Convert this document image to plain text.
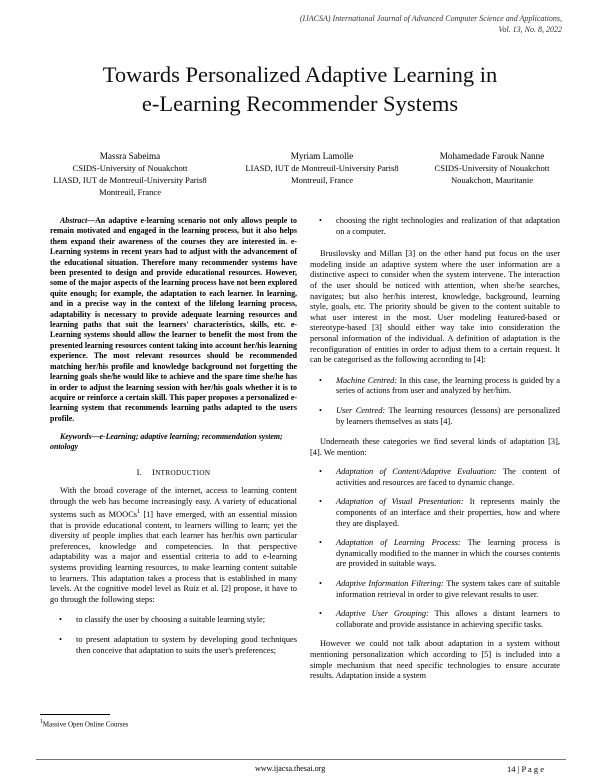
(IJACSA) International Journal of Advanced Computer Science and Applications,
Vol. 13, No. 8, 2022
Towards Personalized Adaptive Learning in
e-Learning Recommender Systems
Massra Sabeima
CSIDS-University of Nouakchott
LIASD, IUT de Montreuil-University Paris8
Montreuil, France
Myriam Lamolle
LIASD, IUT de Montreuil-University Paris8
Montreuil, France
Mohamedade Farouk Nanne
CSIDS-University of Nouakchott
Nouakchott, Mauritanie

Abstract—An adaptive e-learning scenario not only allows people to remain motivated and engaged in the learning process, but it also helps them expand their awareness of the courses they are interested in. e-Learning systems in recent years had to adjust with the advancement of the educational situation. Therefore many recommender systems have been presented to design and provide educational resources. However, some of the major aspects of the learning process have not been explored quite enough; for example, the adaptation to each learner. In learning, and in a precise way in the context of the lifelong learning process, adaptability is necessary to provide adequate learning resources and learning paths that suit the learners' characteristics, skills, etc. e-Learning systems should allow the learner to benefit the most from the presented learning resources content taking into account her/his learning experience. The most relevant resources should be recommended matching her/his profile and knowledge background not forgetting the learning goals she/he would like to achieve and the spare time she/he has in order to adjust the learning session with her/his goals whether it is to acquire or reinforce a certain skill. This paper proposes a personalized e-learning system that recommends learning paths adapted to the users profile.

Keywords—e-Learning; adaptive learning; recommendation system; ontology

I. INTRODUCTION

With the broad coverage of the internet, access to learning content through the web has become increasingly easy. A variety of educational systems such as MOOCs$^1$ [1] have emerged, with an essential mission that is provide educational content, to learners willing to learn; yet the diversity of people implies that each learner has her/his own particular preferences, knowledge and competencies. In that perspective adaptability was a major and essential criteria to add to e-learning systems providing learning resources, to make learning content suitable to learners. This adaptation takes a process that is established in many levels. At the cognitive model level as Ruiz et al. [2] propose, it have to go through the following steps:

• to classify the user by choosing a suitable learning style;
• to present adaptation to system by developing good techniques then conceive that adaptation to suits the user's preferences;
$^1$Massive Open Online Courses
• choosing the right technologies and realization of that adaptation on a computer.

Brusilovsky and Millan [3] on the other hand put focus on the user modeling inside an adaptive system where the user information are a distinctive aspect to consider when the system intervene. The interaction of the user should be noticed with attention, when she/he searches, navigates; but also her/his interest, knowledge, background, learning style, goals, etc. The priority should be given to the content suitable to what user interest in the most. User modeling featured-based or stereotype-based [3] should either way take into consideration the personal information of the individual. A definition of adaptation is the reconfiguration of entities in order to adjust them to a certain request. It can be categorised as the following according to [4]:

• Machine Centred: In this case, the learning process is guided by a series of actions from user and analyzed by her/him.
• User Centred: The learning resources (lessons) are personalized by learners themselves as stats [4].

Underneath these categories we find several kinds of adaptation [3], [4]. We mention:

• Adaptation of Content/Adaptive Evaluation: The content of activities and resources are faced to dynamic change.
• Adaptation of Visual Presentation: It represents mainly the components of an interface and their properties, how and where they are displayed.
• Adaptation of Learning Process: The learning process is dynamically modified to the manner in which the courses contents are provided in suitable ways.
• Adaptive Information Filtering: The system takes care of suitable information retrieval in order to give relevant results to user.
• Adaptive User Grouping: This allows a distant learners to collaborate and provide assistance in achieving specific tasks.

However we could not talk about adaptation in a system without mentioning personalization which according to [5] is included into a simple mechanism that need specific technologies to ensure accurate results. Adaptation inside a system

www.ijacsa.thesai.org	14 | P a g e
